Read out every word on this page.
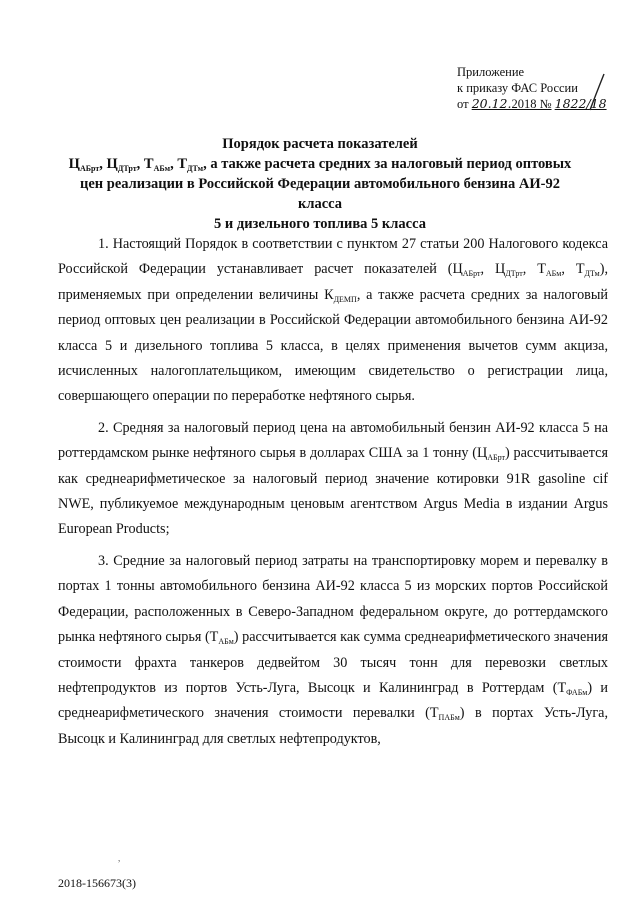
Приложение
к приказу ФАС России
от 20.12.2018 № 1822/18
Порядок расчета показателей
$Ц_{АБрт}$, $Ц_{ДТрт}$, $Т_{АБм}$, $Т_{ДТм}$, а также расчета средних за налоговый период оптовых
цен реализации в Российской Федерации автомобильного бензина АИ-92 класса
5 и дизельного топлива 5 класса

1. Настоящий Порядок в соответствии с пунктом 27 статьи 200 Налогового кодекса Российской Федерации устанавливает расчет показателей ($Ц_{АБрт}$, $Ц_{ДТрт}$, $Т_{АБм}$, $Т_{ДТм}$), применяемых при определении величины $К_{ДЕМП}$, а также расчета средних за налоговый период оптовых цен реализации в Российской Федерации автомобильного бензина АИ-92 класса 5 и дизельного топлива 5 класса, в целях применения вычетов сумм акциза, исчисленных налогоплательщиком, имеющим свидетельство о регистрации лица, совершающего операции по переработке нефтяного сырья.

2. Средняя за налоговый период цена на автомобильный бензин АИ-92 класса 5 на роттердамском рынке нефтяного сырья в долларах США за 1 тонну $(Ц_{АБрт})$ рассчитывается как среднеарифметическое за налоговый период значение котировки 91R gasoline cif NWE, публикуемое международным ценовым агентством Argus Media в издании Argus European Products;

3. Средние за налоговый период затраты на транспортировку морем и перевалку в портах 1 тонны автомобильного бензина АИ-92 класса 5 из морских портов Российской Федерации, расположенных в Северо-Западном федеральном округе, до роттердамского рынка нефтяного сырья $(Т_{АБм})$ рассчитывается как сумма среднеарифметического значения стоимости фрахта танкеров дедвейтом 30 тысяч тонн для перевозки светлых нефтепродуктов из портов Усть-Луга, Высоцк и Калининград в Роттердам $(Т_{ФАБм})$ и среднеарифметического значения стоимости перевалки $(Т_{ПАБм})$ в портах Усть-Луга, Высоцк и Калининград для светлых нефтепродуктов,

,
2018-156673(3)
